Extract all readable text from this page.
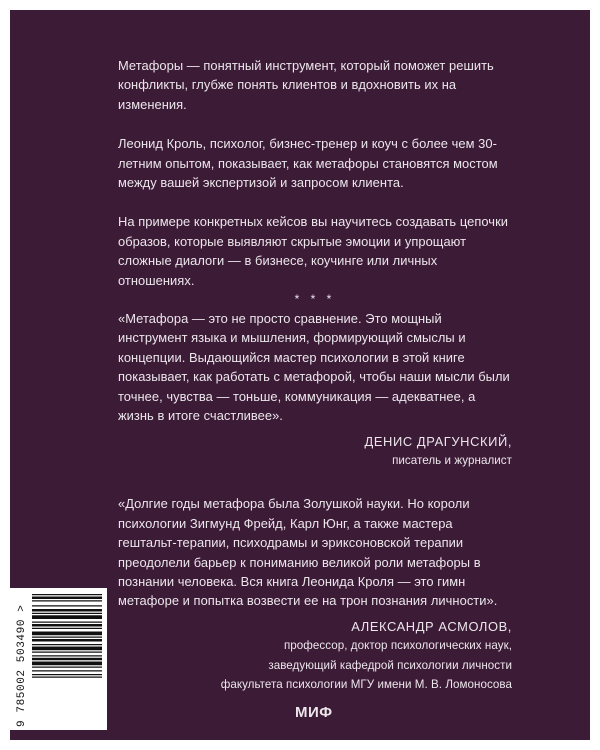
Метафоры — понятный инструмент, который поможет решить конфликты, глубже понять клиентов и вдохновить их на изменения.

Леонид Кроль, психолог, бизнес-тренер и коуч с более чем 30-летним опытом, показывает, как метафоры становятся мостом между вашей экспертизой и запросом клиента.

На примере конкретных кейсов вы научитесь создавать цепочки образов, которые выявляют скрытые эмоции и упрощают сложные диалоги — в бизнесе, коучинге или личных отношениях.

* * *

«Метафора — это не просто сравнение. Это мощный инструмент языка и мышления, формирующий смыслы и концепции. Выдающийся мастер психологии в этой книге показывает, как работать с метафорой, чтобы наши мысли были точнее, чувства — тоньше, коммуникация — адекватнее, а жизнь в итоге счастливее».

ДЕНИС ДРАГУНСКИЙ,

писатель и журналист

«Долгие годы метафора была Золушкой науки. Но короли психологии Зигмунд Фрейд, Карл Юнг, а также мастера гештальт-терапии, психодрамы и эриксоновской терапии преодолели барьер к пониманию великой роли метафоры в познании человека. Вся книга Леонида Кроля — это гимн метафоре и попытка возвести ее на трон познания личности».

АЛЕКСАНДР АСМОЛОВ,

профессор, доктор психологических наук,

заведующий кафедрой психологии личности

факультета психологии МГУ имени М. В. Ломоносова

МИФ
9 785002 503490 >
